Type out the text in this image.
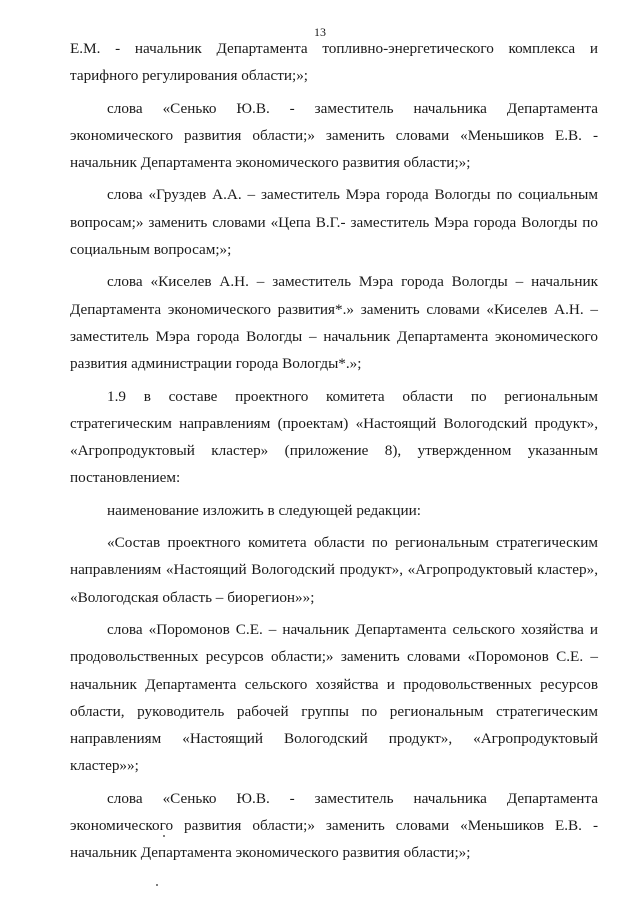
13

Е.М. - начальник Департамента топливно-энергетического комплекса и тарифного регулирования области;»;

слова «Сенько Ю.В. - заместитель начальника Департамента экономического развития области;» заменить словами «Меньшиков Е.В. - начальник Департамента экономического развития области;»;

слова «Груздев А.А. – заместитель Мэра города Вологды по социальным вопросам;» заменить словами «Цепа В.Г.- заместитель Мэра города Вологды по социальным вопросам;»;

слова «Киселев А.Н. – заместитель Мэра города Вологды – начальник Департамента экономического развития*.» заменить словами «Киселев А.Н. – заместитель Мэра города Вологды – начальник Департамента экономического развития администрации города Вологды*.»;

1.9 в составе проектного комитета области по региональным стратегическим направлениям (проектам) «Настоящий Вологодский продукт», «Агропродуктовый кластер» (приложение 8), утвержденном указанным постановлением:

наименование изложить в следующей редакции:

«Состав проектного комитета области по региональным стратегическим направлениям «Настоящий Вологодский продукт», «Агропродуктовый кластер», «Вологодская область – биорегион»»;

слова «Поромонов С.Е. – начальник Департамента сельского хозяйства и продовольственных ресурсов области;» заменить словами «Поромонов С.Е. – начальник Департамента сельского хозяйства и продовольственных ресурсов области, руководитель рабочей группы по региональным стратегическим направлениям «Настоящий Вологодский продукт», «Агропродуктовый кластер»»;

слова «Сенько Ю.В. - заместитель начальника Департамента экономического развития области;» заменить словами «Меньшиков Е.В. - начальник Департамента экономического развития области;»;
